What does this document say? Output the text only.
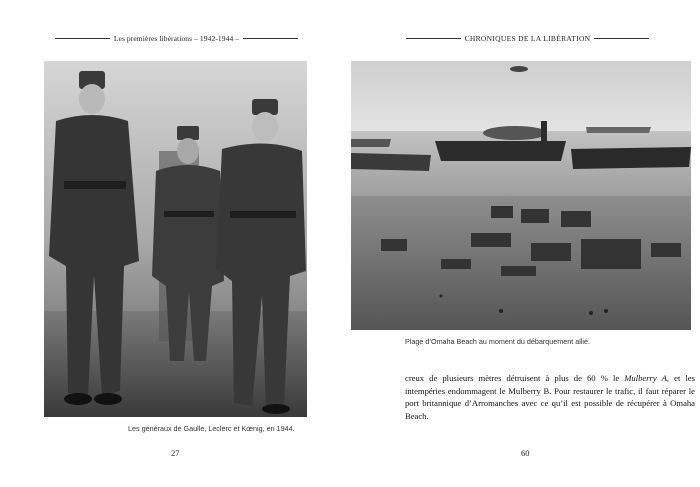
Les premières libérations – 1942-1944 –
Les généraux de Gaulle, Leclerc et Kœnig, en 1944.
27
CHRONIQUES DE LA LIBÉRATION
Plage d’Omaha Beach au moment du débarquement allié.
creux de plusieurs mètres détruisent à plus de 60 % le Mulberry A, et les intempéries endommagent le Mulberry B. Pour restaurer le trafic, il faut réparer le port britannique d’Arromanches avec ce qu’il est possible de récupérer à Omaha Beach.
60
